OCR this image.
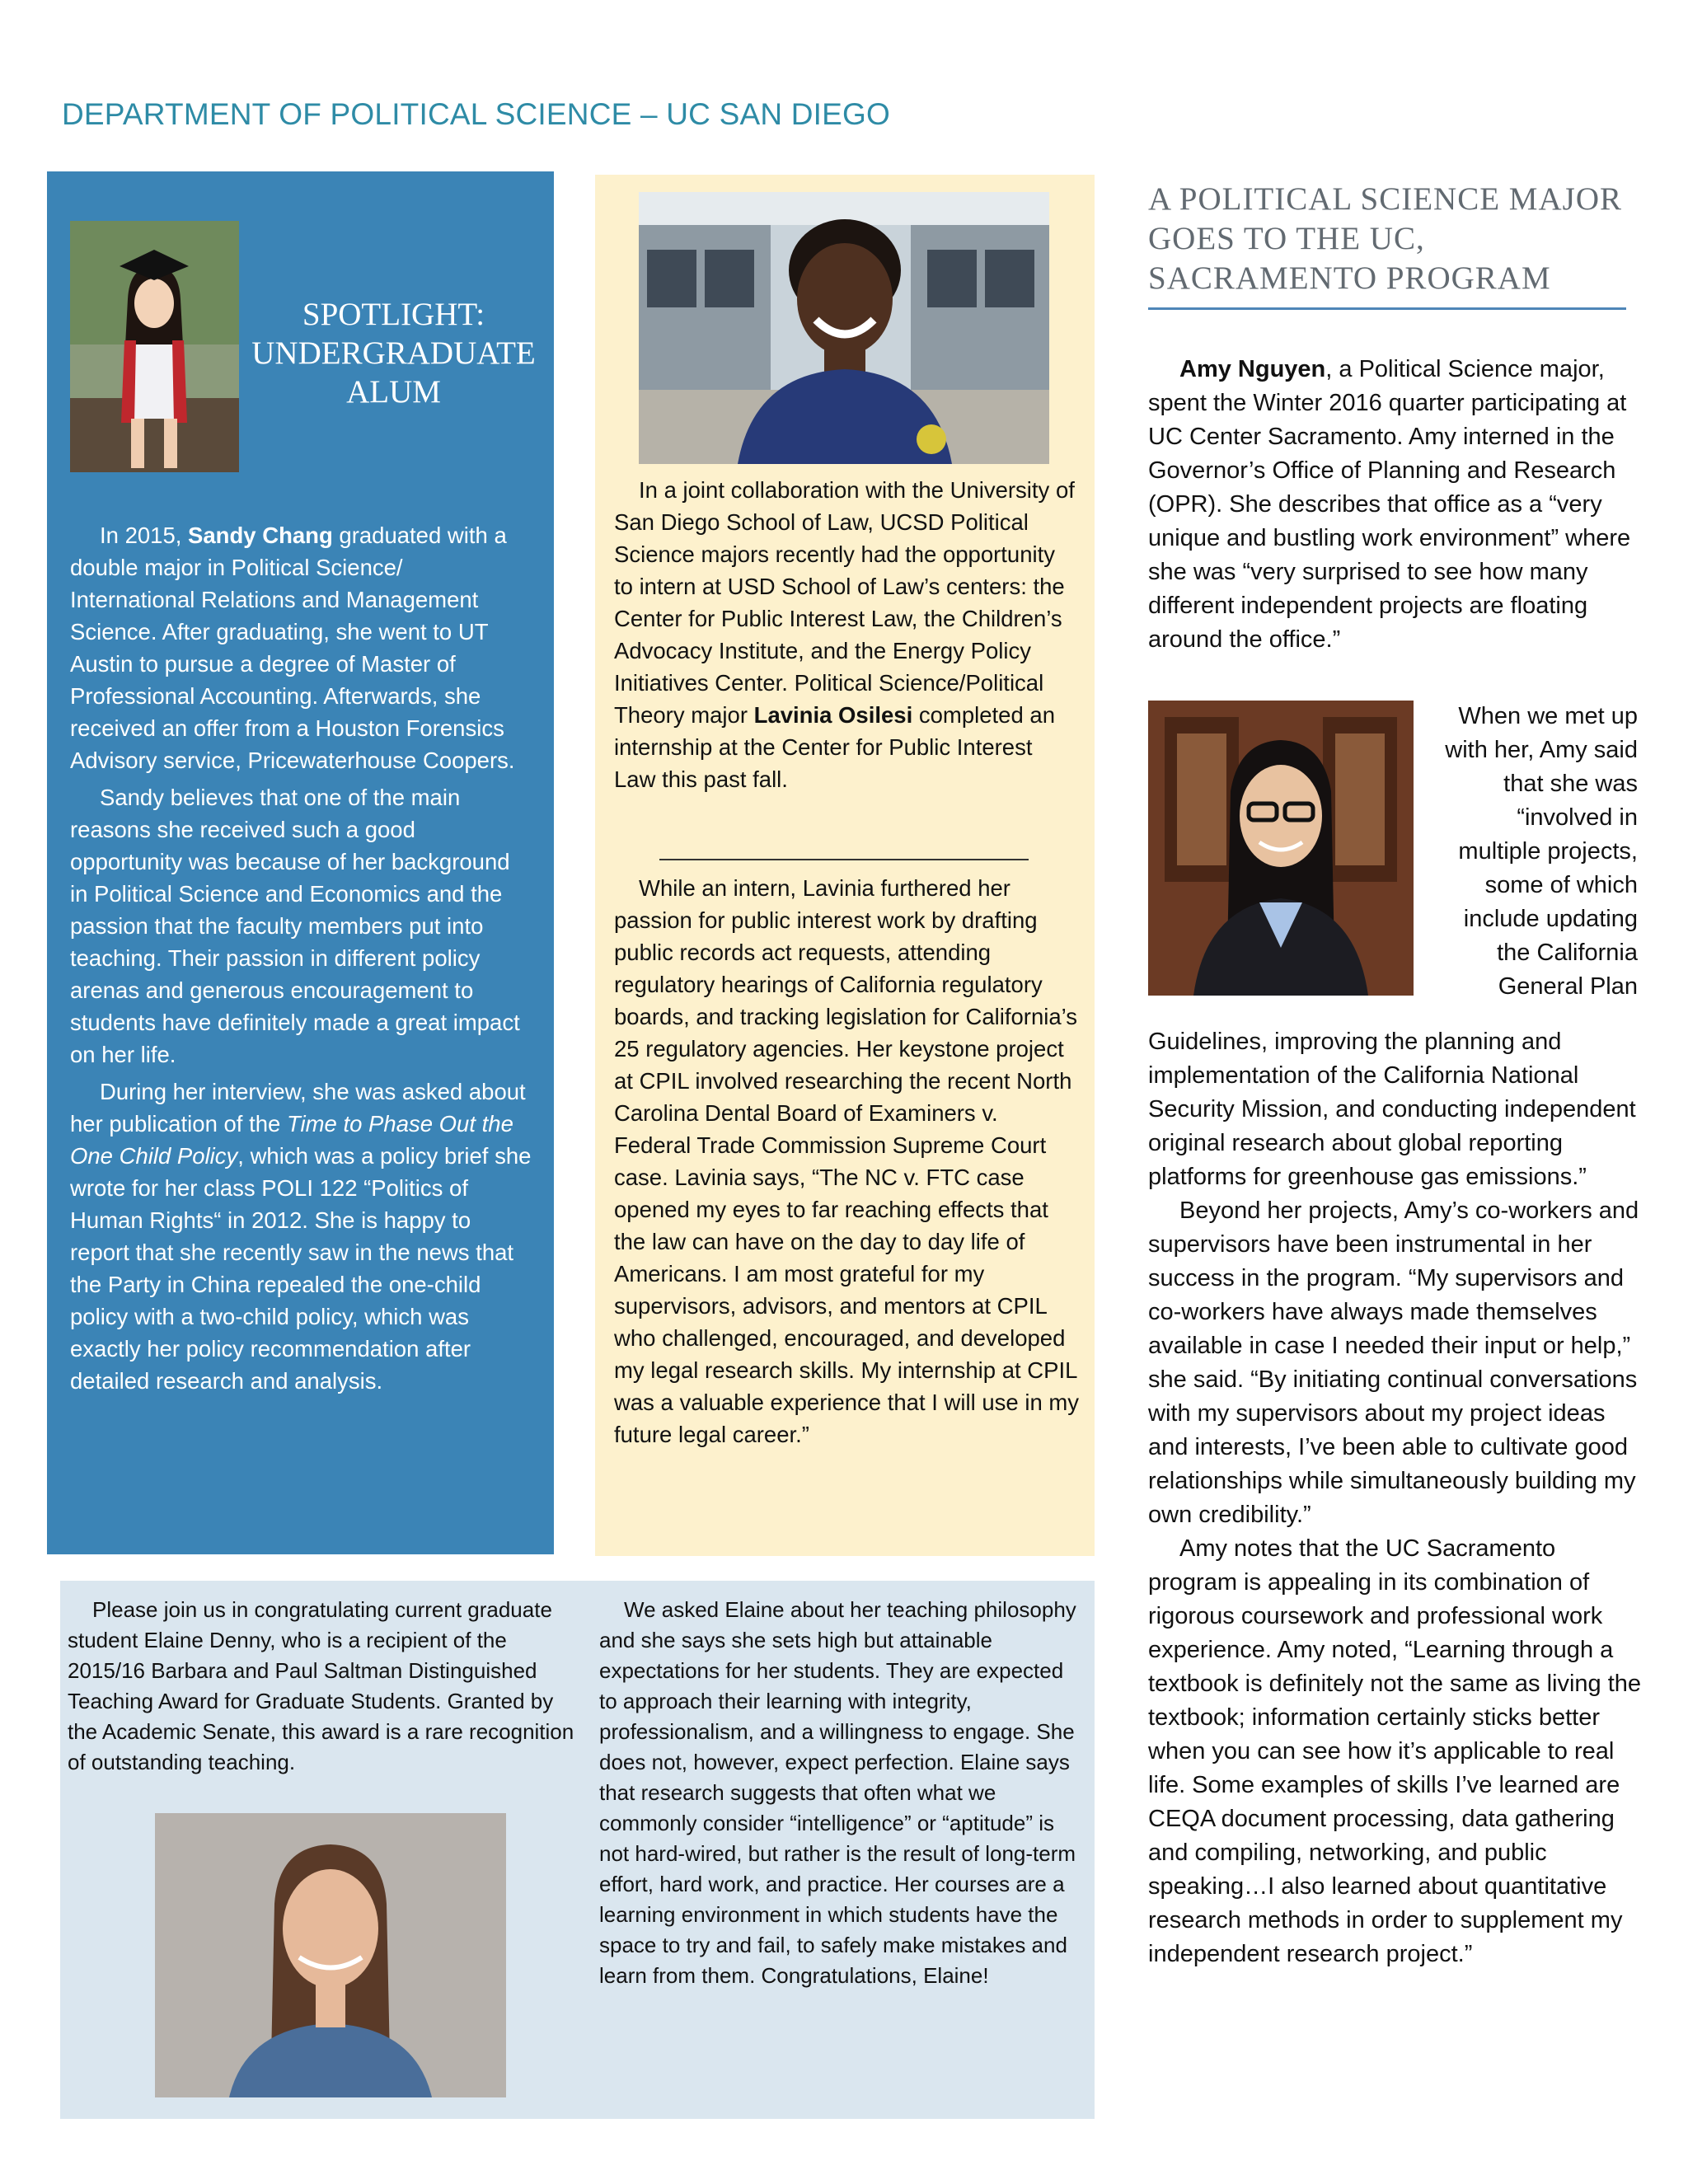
DEPARTMENT OF POLITICAL SCIENCE – UC SAN DIEGO
SPOTLIGHT:
UNDERGRADUATE
ALUM

In 2015, Sandy Chang graduated with a double major in Political Science/ International Relations and Management Science. After graduating, she went to UT Austin to pursue a degree of Master of Professional Accounting. Afterwards, she received an offer from a Houston Forensics Advisory service, Pricewaterhouse Coopers.

Sandy believes that one of the main reasons she received such a good opportunity was because of her background in Political Science and Economics and the passion that the faculty members put into teaching. Their passion in different policy arenas and generous encouragement to students have definitely made a great impact on her life.

During her interview, she was asked about her publication of the Time to Phase Out the One Child Policy, which was a policy brief she wrote for her class POLI 122 “Politics of Human Rights“ in 2012. She is happy to report that she recently saw in the news that the Party in China repealed the one-child policy with a two-child policy, which was exactly her policy recommendation after detailed research and analysis.

In a joint collaboration with the University of San Diego School of Law, UCSD Political Science majors recently had the opportunity to intern at USD School of Law’s centers: the Center for Public Interest Law, the Children’s Advocacy Institute, and the Energy Policy Initiatives Center. Political Science/Political Theory major Lavinia Osilesi completed an internship at the Center for Public Interest Law this past fall.

While an intern, Lavinia furthered her passion for public interest work by drafting public records act requests, attending regulatory hearings of California regulatory boards, and tracking legislation for California’s 25 regulatory agencies. Her keystone project at CPIL involved researching the recent North Carolina Dental Board of Examiners v. Federal Trade Commission Supreme Court case. Lavinia says, “The NC v. FTC case opened my eyes to far reaching effects that the law can have on the day to day life of Americans. I am most grateful for my supervisors, advisors, and mentors at CPIL who challenged, encouraged, and developed my legal research skills. My internship at CPIL was a valuable experience that I will use in my future legal career.”

Please join us in congratulating current graduate student Elaine Denny, who is a recipient of the 2015/16 Barbara and Paul Saltman Distinguished Teaching Award for Graduate Students. Granted by the Academic Senate, this award is a rare recognition of outstanding teaching.

We asked Elaine about her teaching philosophy and she says she sets high but attainable expectations for her students. They are expected to approach their learning with integrity, professionalism, and a willingness to engage. She does not, however, expect perfection. Elaine says that research suggests that often what we commonly consider “intelligence” or “aptitude” is not hard-wired, but rather is the result of long-term effort, hard work, and practice. Her courses are a learning environment in which students have the space to try and fail, to safely make mistakes and learn from them. Congratulations, Elaine!

A POLITICAL SCIENCE MAJOR
GOES TO THE UC,
SACRAMENTO PROGRAM

Amy Nguyen, a Political Science major, spent the Winter 2016 quarter participating at UC Center Sacramento. Amy interned in the Governor’s Office of Planning and Research (OPR). She describes that office as a “very unique and bustling work environment” where she was “very surprised to see how many different independent projects are floating around the office.”

When we met up
with her, Amy said
that she was
“involved in
multiple projects,
some of which
include updating
the California
General Plan

Guidelines, improving the planning and implementation of the California National Security Mission, and conducting independent original research about global reporting platforms for greenhouse gas emissions.”

Beyond her projects, Amy’s co-workers and supervisors have been instrumental in her success in the program. “My supervisors and co-workers have always made themselves available in case I needed their input or help,” she said. “By initiating continual conversations with my supervisors about my project ideas and interests, I’ve been able to cultivate good relationships while simultaneously building my own credibility.”

Amy notes that the UC Sacramento program is appealing in its combination of rigorous coursework and professional work experience. Amy noted, “Learning through a textbook is definitely not the same as living the textbook; information certainly sticks better when you can see how it’s applicable to real life. Some examples of skills I’ve learned are CEQA document processing, data gathering and compiling, networking, and public speaking…I also learned about quantitative research methods in order to supplement my independent research project.”
